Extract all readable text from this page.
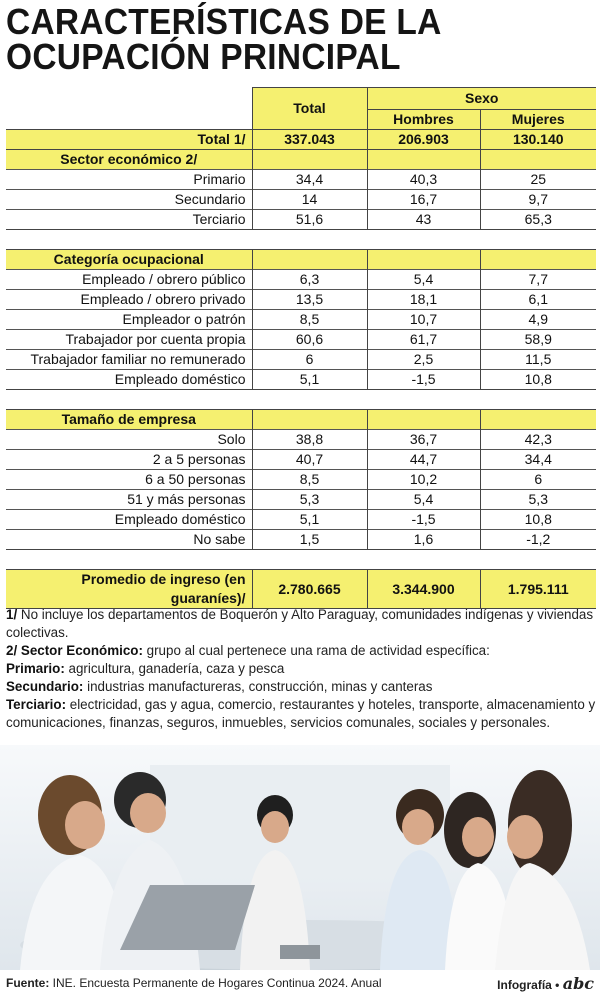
CARACTERÍSTICAS DE LA
OCUPACIÓN PRINCIPAL
	Total	Sexo	
		Hombres	Mujeres
Total 1/	337.043	206.903	130.140
Sector económico 2/			
Primario	34,4	40,3	25
Secundario	14	16,7	9,7
Terciario	51,6	43	65,3

Categoría ocupacional			
Empleado / obrero público	6,3	5,4	7,7
Empleado / obrero privado	13,5	18,1	6,1
Empleador o patrón	8,5	10,7	4,9
Trabajador por cuenta propia	60,6	61,7	58,9
Trabajador familiar no remunerado	6	2,5	11,5
Empleado doméstico	5,1	-1,5	10,8

Tamaño de empresa			
Solo	38,8	36,7	42,3
2 a 5 personas	40,7	44,7	34,4
6 a 50 personas	8,5	10,2	6
51 y más personas	5,3	5,4	5,3
Empleado doméstico	5,1	-1,5	10,8
No sabe	1,5	1,6	-1,2

Promedio de ingreso (en guaraníes)/	2.780.665	3.344.900	1.795.111

1/ No incluye los departamentos de Boquerón y Alto Paraguay, comunidades indígenas y viviendas colectivas.

2/ Sector Económico: grupo al cual pertenece una rama de actividad específica:

Primario: agricultura, ganadería, caza y pesca

Secundario: industrias manufactureras, construcción, minas y canteras

Terciario: electricidad, gas y agua, comercio, restaurantes y hoteles, transporte, almacenamiento y comunicaciones, finanzas, seguros, inmuebles, servicios comunales, sociales y personales.

Fuente: INE. Encuesta Permanente de Hogares Continua 2024. Anual	Infografía • abc
